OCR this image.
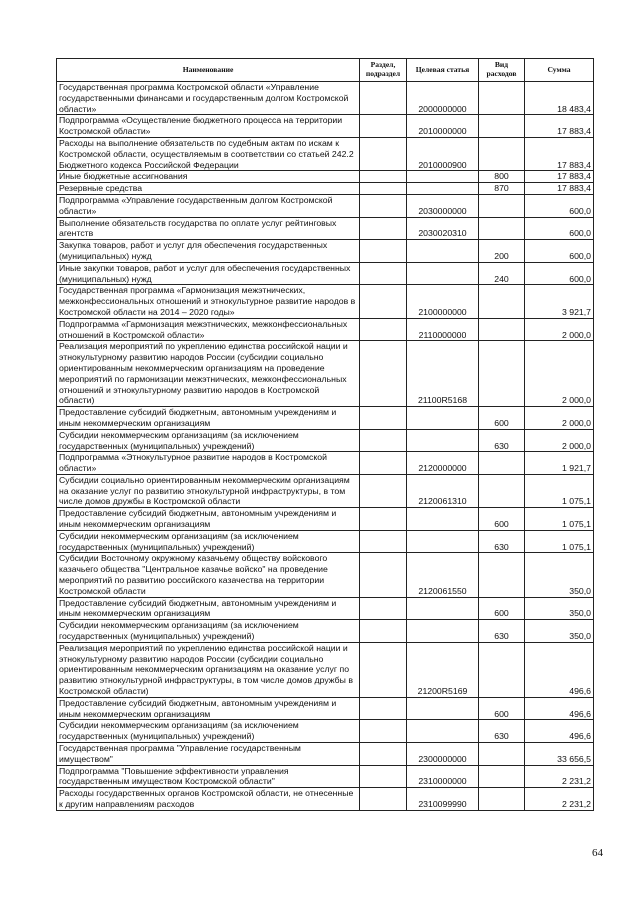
Наименование	Раздел, подраздел	Целевая статья	Вид расходов	Сумма
Государственная программа Костромской области «Управление государственными финансами и государственным долгом Костромской области»		2000000000		18 483,4
Подпрограмма «Осуществление бюджетного процесса на территории Костромской области»		2010000000		17 883,4
Расходы на выполнение обязательств по судебным актам по искам к Костромской области, осуществляемым в соответствии со статьей 242.2 Бюджетного кодекса Российской Федерации		2010000900		17 883,4
Иные бюджетные ассигнования			800	17 883,4
Резервные средства			870	17 883,4
Подпрограмма «Управление государственным долгом Костромской области»		2030000000		600,0
Выполнение обязательств государства по оплате услуг рейтинговых агентств		2030020310		600,0
Закупка товаров, работ и услуг для обеспечения государственных (муниципальных) нужд			200	600,0
Иные закупки товаров, работ и услуг для обеспечения государственных (муниципальных) нужд			240	600,0
Государственная программа «Гармонизация межэтнических, межконфессиональных отношений и этнокультурное развитие народов в Костромской области на 2014 – 2020 годы»		2100000000		3 921,7
Подпрограмма «Гармонизация межэтнических, межконфессиональных отношений в Костромской области»		2110000000		2 000,0
Реализация мероприятий по укреплению единства российской нации и этнокультурному развитию народов России (субсидии социально ориентированным некоммерческим организациям на проведение мероприятий по гармонизации межэтнических, межконфессиональных отношений и этнокультурному развитию народов в Костромской области)		21100R5168		2 000,0
Предоставление субсидий бюджетным, автономным учреждениям и иным некоммерческим организациям			600	2 000,0
Субсидии некоммерческим организациям (за исключением государственных (муниципальных) учреждений)			630	2 000,0
Подпрограмма «Этнокультурное развитие народов в Костромской области»		2120000000		1 921,7
Субсидии социально ориентированным некоммерческим организациям на оказание услуг по развитию этнокультурной инфраструктуры, в том числе домов дружбы в Костромской области		2120061310		1 075,1
Предоставление субсидий бюджетным, автономным учреждениям и иным некоммерческим организациям			600	1 075,1
Субсидии некоммерческим организациям (за исключением государственных (муниципальных) учреждений)			630	1 075,1
Субсидии Восточному окружному казачьему обществу войскового казачьего общества "Центральное казачье войско" на проведение мероприятий по развитию российского казачества на территории Костромской области		2120061550		350,0
Предоставление субсидий бюджетным, автономным учреждениям и иным некоммерческим организациям			600	350,0
Субсидии некоммерческим организациям (за исключением государственных (муниципальных) учреждений)			630	350,0
Реализация мероприятий по укреплению единства российской нации и этнокультурному развитию народов России (субсидии социально ориентированным некоммерческим организациям на оказание услуг по развитию этнокультурной инфраструктуры, в том числе домов дружбы в Костромской области)		21200R5169		496,6
Предоставление субсидий бюджетным, автономным учреждениям и иным некоммерческим организациям			600	496,6
Субсидии некоммерческим организациям (за исключением государственных (муниципальных) учреждений)			630	496,6
Государственная программа "Управление государственным имуществом"		2300000000		33 656,5
Подпрограмма "Повышение эффективности управления государственным имуществом Костромской области"		2310000000		2 231,2
Расходы государственных органов Костромской области, не отнесенные к другим направлениям расходов		2310099990		2 231,2
64
